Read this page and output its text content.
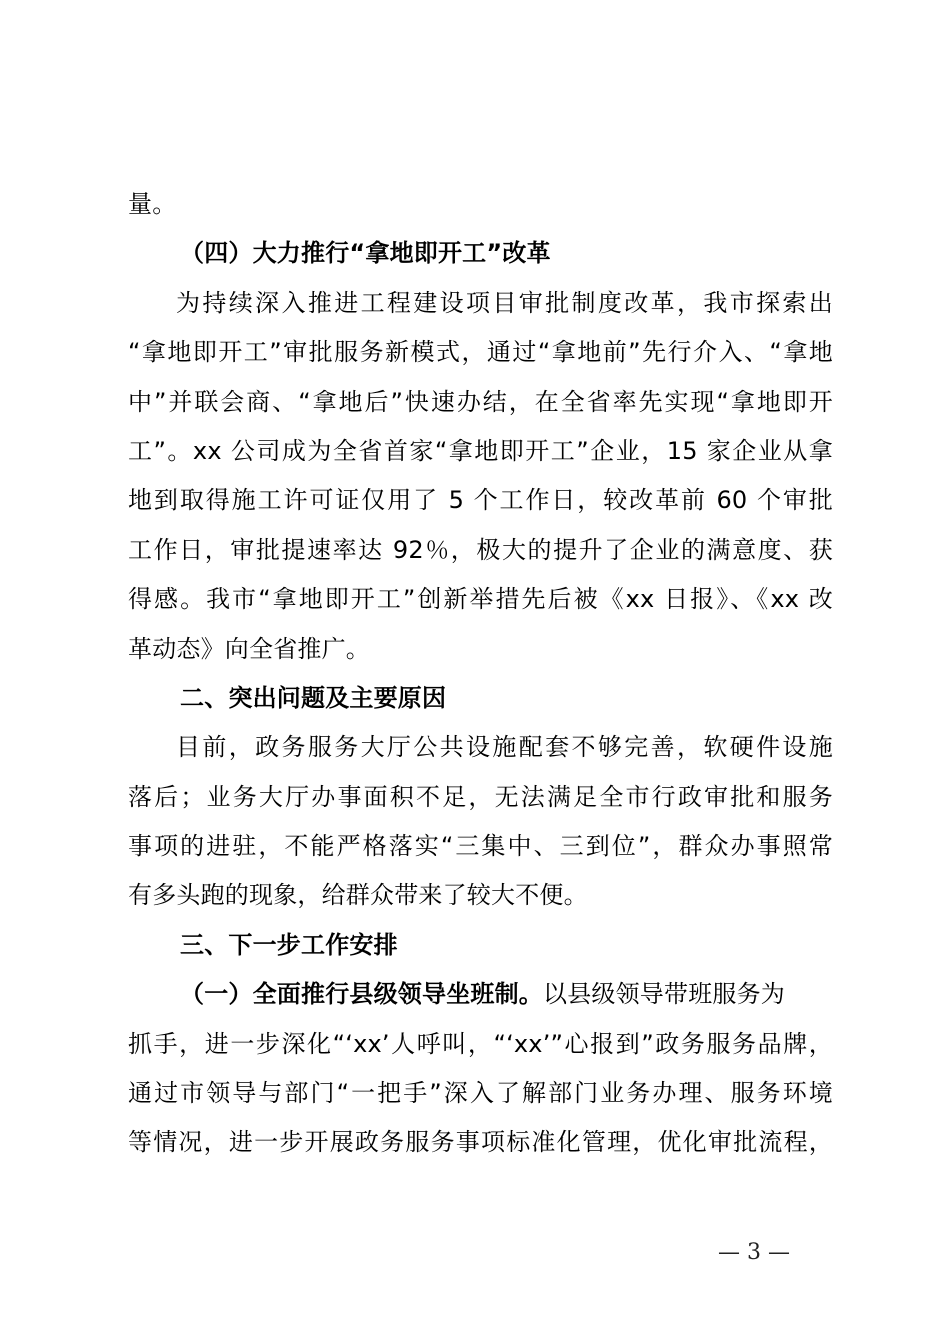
量。
（四）大力推行“拿地即开工”改革
为持续深入推进工程建设项目审批制度改革，我市探索出
“拿地即开工”审批服务新模式，通过“拿地前”先行介入、“拿地
中”并联会商、“拿地后”快速办结，在全省率先实现“拿地即开
工”。xx 公司成为全省首家“拿地即开工”企业，15 家企业从拿
地到取得施工许可证仅用了 5 个工作日，较改革前 60 个审批
工作日，审批提速率达 92％，极大的提升了企业的满意度、获
得感。我市“拿地即开工”创新举措先后被《xx 日报》、《xx 改
革动态》向全省推广。
二、突出问题及主要原因
目前，政务服务大厅公共设施配套不够完善，软硬件设施
落后；业务大厅办事面积不足，无法满足全市行政审批和服务
事项的进驻，不能严格落实“三集中、三到位”，群众办事照常
有多头跑的现象，给群众带来了较大不便。
三、下一步工作安排
（一）全面推行县级领导坐班制。以县级领导带班服务为
抓手，进一步深化“‘xx’人呼叫，“‘xx’”心报到”政务服务品牌，
通过市领导与部门“一把手”深入了解部门业务办理、服务环境
等情况，进一步开展政务服务事项标准化管理，优化审批流程，
— 3 —
